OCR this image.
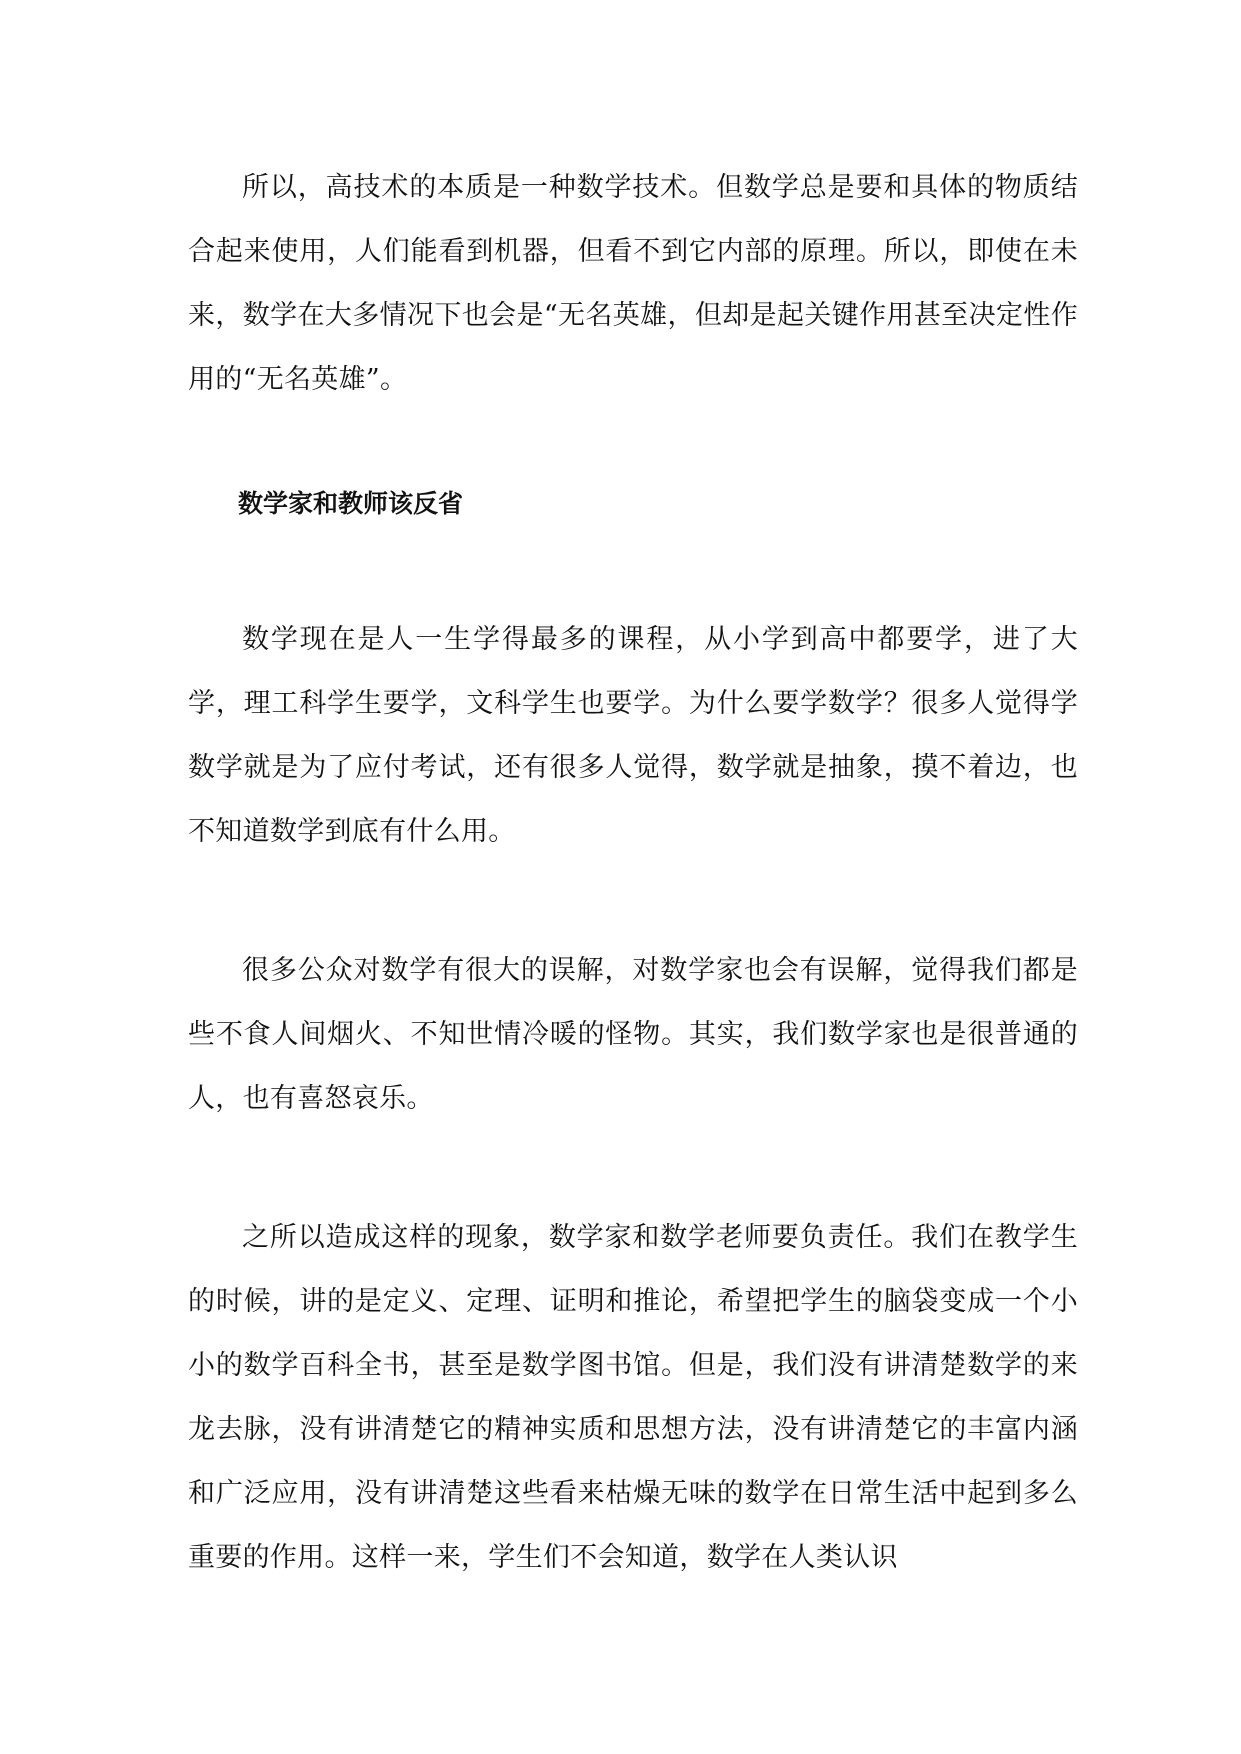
所以，高技术的本质是一种数学技术。但数学总是要和具体的物质结合起来使用，人们能看到机器，但看不到它内部的原理。所以，即使在未来，数学在大多情况下也会是“无名英雄，但却是起关键作用甚至决定性作用的“无名英雄”。

数学家和教师该反省

数学现在是人一生学得最多的课程，从小学到高中都要学，进了大学，理工科学生要学，文科学生也要学。为什么要学数学？很多人觉得学数学就是为了应付考试，还有很多人觉得，数学就是抽象，摸不着边，也不知道数学到底有什么用。

很多公众对数学有很大的误解，对数学家也会有误解，觉得我们都是些不食人间烟火、不知世情冷暖的怪物。其实，我们数学家也是很普通的人，也有喜怒哀乐。

之所以造成这样的现象，数学家和数学老师要负责任。我们在教学生的时候，讲的是定义、定理、证明和推论，希望把学生的脑袋变成一个小小的数学百科全书，甚至是数学图书馆。但是，我们没有讲清楚数学的来龙去脉，没有讲清楚它的精神实质和思想方法，没有讲清楚它的丰富内涵和广泛应用，没有讲清楚这些看来枯燥无味的数学在日常生活中起到多么重要的作用。这样一来，学生们不会知道，数学在人类认识
